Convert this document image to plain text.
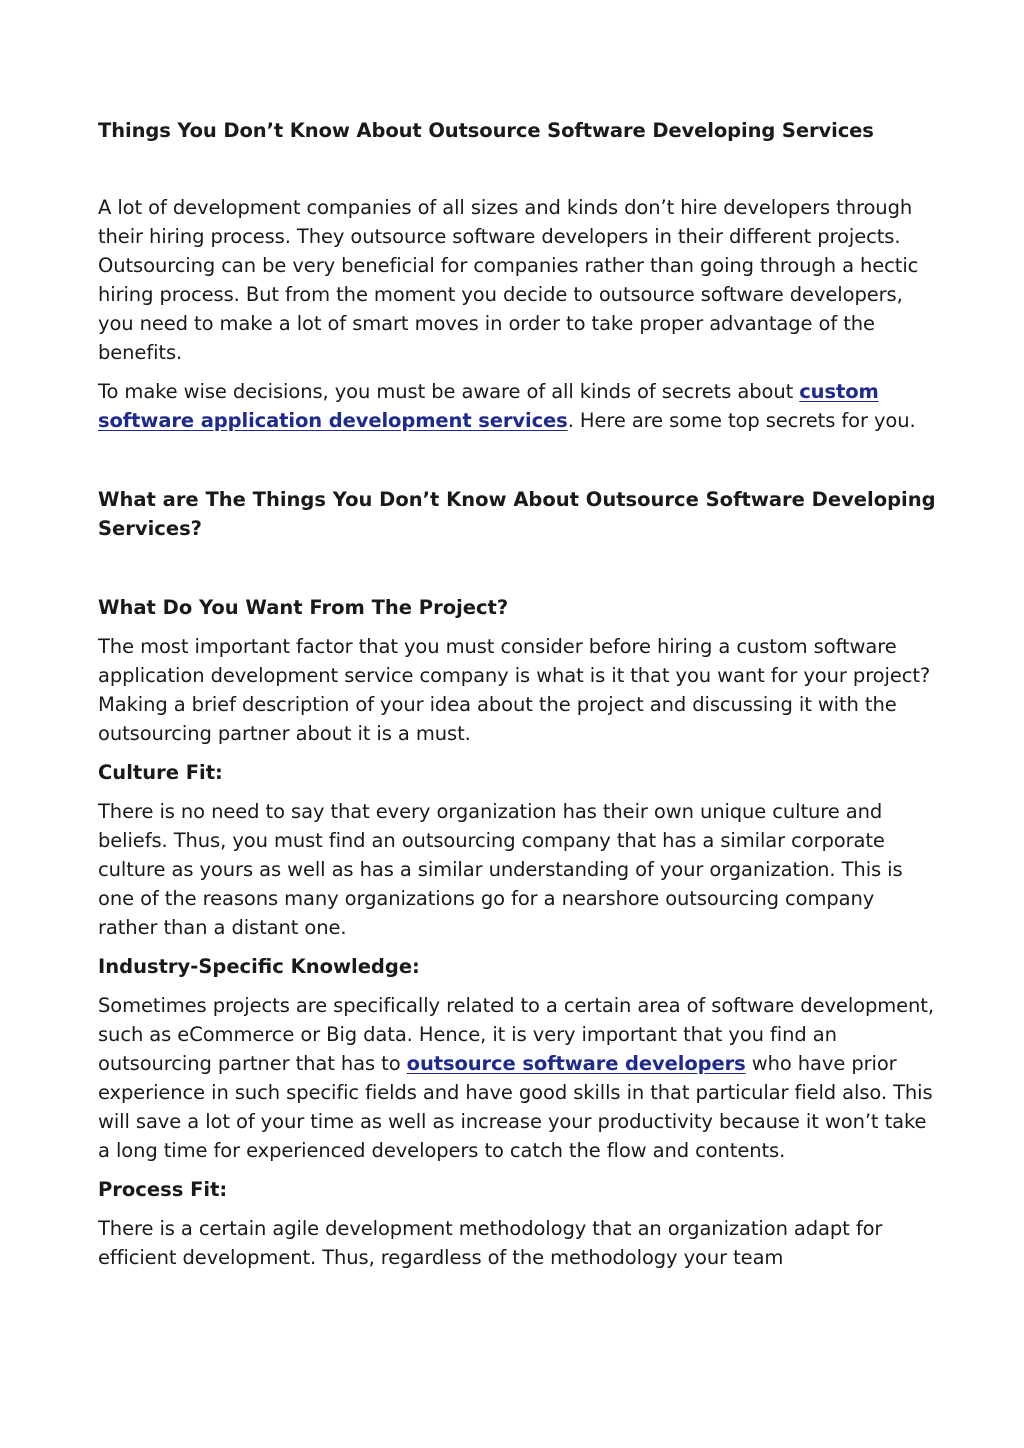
Things You Don’t Know About Outsource Software Developing Services

A lot of development companies of all sizes and kinds don’t hire developers through their hiring process. They outsource software developers in their different projects. Outsourcing can be very beneficial for companies rather than going through a hectic hiring process. But from the moment you decide to outsource software developers, you need to make a lot of smart moves in order to take proper advantage of the benefits.

To make wise decisions, you must be aware of all kinds of secrets about custom software application development services. Here are some top secrets for you.

What are The Things You Don’t Know About Outsource Software Developing Services?
What Do You Want From The Project?

The most important factor that you must consider before hiring a custom software application development service company is what is it that you want for your project? Making a brief description of your idea about the project and discussing it with the outsourcing partner about it is a must.

Culture Fit:

There is no need to say that every organization has their own unique culture and beliefs. Thus, you must find an outsourcing company that has a similar corporate culture as yours as well as has a similar understanding of your organization. This is one of the reasons many organizations go for a nearshore outsourcing company rather than a distant one.

Industry-Specific Knowledge:

Sometimes projects are specifically related to a certain area of software development, such as eCommerce or Big data. Hence, it is very important that you find an outsourcing partner that has to outsource software developers who have prior experience in such specific fields and have good skills in that particular field also. This will save a lot of your time as well as increase your productivity because it won’t take a long time for experienced developers to catch the flow and contents.

Process Fit:

There is a certain agile development methodology that an organization adapt for efficient development. Thus, regardless of the methodology your team
